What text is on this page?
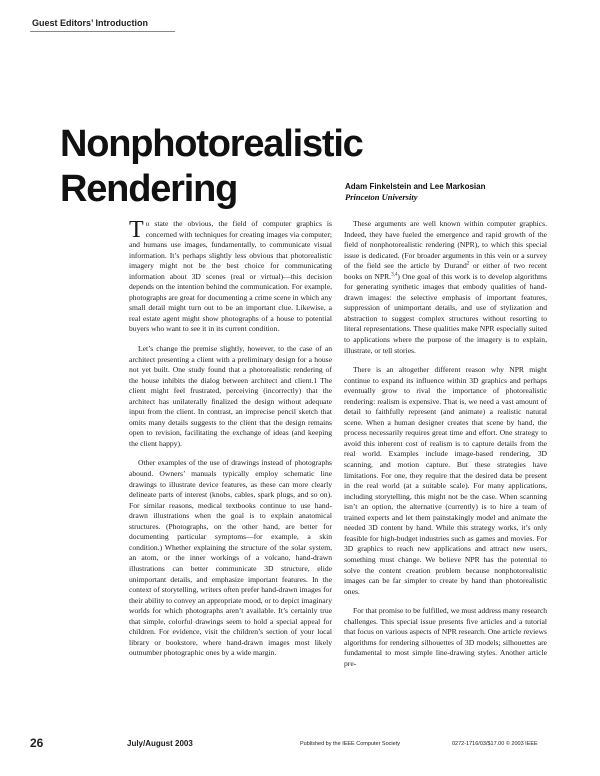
Guest Editors’ Introduction
Nonphotorealistic
Rendering	Adam Finkelstein and Lee Markosian
Princeton University

To state the obvious, the field of computer graphics is concerned with techniques for creating images via computer; and humans use images, fundamentally, to communicate visual information. It’s perhaps slightly less obvious that photorealistic imagery might not be the best choice for communicating information about 3D scenes (real or virtual)—this decision depends on the intention behind the communication. For example, photographs are great for documenting a crime scene in which any small detail might turn out to be an important clue. Likewise, a real estate agent might show photographs of a house to potential buyers who want to see it in its current condition.

Let’s change the premise slightly, however, to the case of an architect presenting a client with a preliminary design for a house not yet built. One study found that a photorealistic rendering of the house inhibits the dialog between architect and client.1 The client might feel frustrated, perceiving (incorrectly) that the architect has unilaterally finalized the design without adequate input from the client. In contrast, an imprecise pencil sketch that omits many details suggests to the client that the design remains open to revision, facilitating the exchange of ideas (and keeping the client happy).

Other examples of the use of drawings instead of photographs abound. Owners’ manuals typically employ schematic line drawings to illustrate device features, as these can more clearly delineate parts of interest (knobs, cables, spark plugs, and so on). For similar reasons, medical textbooks continue to use hand-drawn illustrations when the goal is to explain anatomical structures. (Photographs, on the other hand, are better for documenting particular symptoms—for example, a skin condition.) Whether explaining the structure of the solar system, an atom, or the inner workings of a volcano, hand-drawn illustrations can better communicate 3D structure, elide unimportant details, and emphasize important features. In the context of storytelling, writers often prefer hand-drawn images for their ability to convey an appropriate mood, or to depict imaginary worlds for which photographs aren’t available. It’s certainly true that simple, colorful drawings seem to hold a special appeal for children. For evidence, visit the children’s section of your local library or bookstore, where hand-drawn images most likely outnumber photographic ones by a wide margin.

These arguments are well known within computer graphics. Indeed, they have fueled the emergence and rapid growth of the field of nonphotorealistic rendering (NPR), to which this special issue is dedicated. (For broader arguments in this vein or a survey of the field see the article by Durand$^2$ or either of two recent books on NPR.$^{3,4}$) One goal of this work is to develop algorithms for generating synthetic images that embody qualities of hand-drawn images: the selective emphasis of important features, suppression of unimportant details, and use of stylization and abstraction to suggest complex structures without resorting to literal representations. These qualities make NPR especially suited to applications where the purpose of the imagery is to explain, illustrate, or tell stories.

There is an altogether different reason why NPR might continue to expand its influence within 3D graphics and perhaps eventually grow to rival the importance of photorealistic rendering: realism is expensive. That is, we need a vast amount of detail to faithfully represent (and animate) a realistic natural scene. When a human designer creates that scene by hand, the process necessarily requires great time and effort. One strategy to avoid this inherent cost of realism is to capture details from the real world. Examples include image-based rendering, 3D scanning, and motion capture. But these strategies have limitations. For one, they require that the desired data be present in the real world (at a suitable scale). For many applications, including storytelling, this might not be the case. When scanning isn’t an option, the alternative (currently) is to hire a team of trained experts and let them painstakingly model and animate the needed 3D content by hand. While this strategy works, it’s only feasible for high-budget industries such as games and movies. For 3D graphics to reach new applications and attract new users, something must change. We believe NPR has the potential to solve the content creation problem because nonphotorealistic images can be far simpler to create by hand than photorealistic ones.

For that promise to be fulfilled, we must address many research challenges. This special issue presents five articles and a tutorial that focus on various aspects of NPR research. One article reviews algorithms for rendering silhouettes of 3D models; silhouettes are fundamental to most simple line-drawing styles. Another article pre-

26	July/August 2003	Published by the IEEE Computer Society	0272-1716/03/$17.00 © 2003 IEEE
